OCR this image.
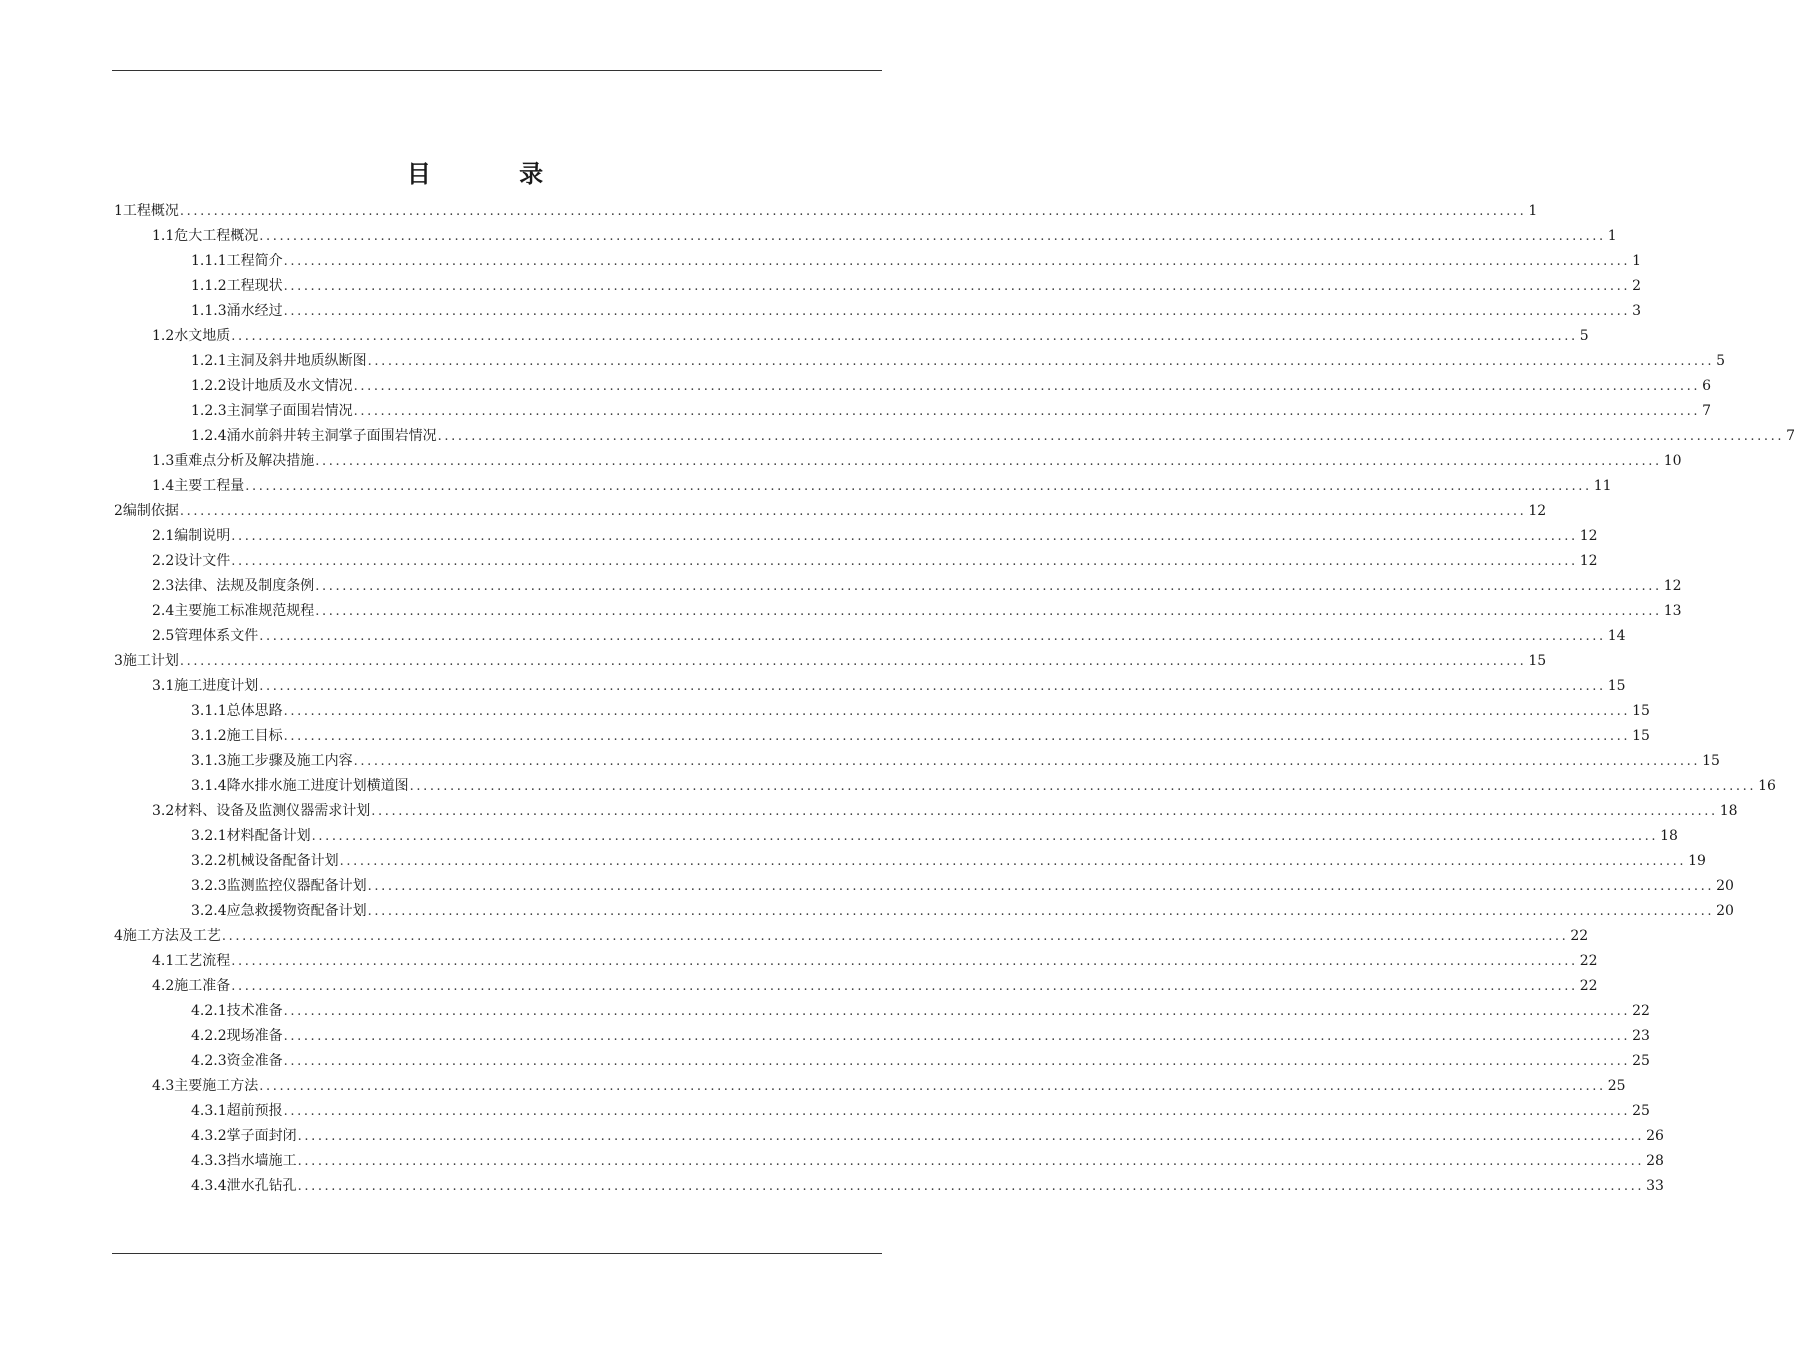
目 录
1 工程概况 ........................................................................................................................................................................................................ 1
1.1 危大工程概况 ........................................................................................................................................................................................................ 1
1.1.1 工程简介 ........................................................................................................................................................................................................ 1
1.1.2 工程现状 ........................................................................................................................................................................................................ 2
1.1.3 涌水经过 ........................................................................................................................................................................................................ 3
1.2 水文地质 ........................................................................................................................................................................................................ 5
1.2.1 主洞及斜井地质纵断图 ........................................................................................................................................................................................................ 5
1.2.2 设计地质及水文情况 ........................................................................................................................................................................................................ 6
1.2.3 主洞掌子面围岩情况 ........................................................................................................................................................................................................ 7
1.2.4 涌水前斜井转主洞掌子面围岩情况 ........................................................................................................................................................................................................ 7
1.3 重难点分析及解决措施 ........................................................................................................................................................................................................ 10
1.4 主要工程量 ........................................................................................................................................................................................................ 11
2 编制依据 ........................................................................................................................................................................................................ 12
2.1 编制说明 ........................................................................................................................................................................................................ 12
2.2 设计文件 ........................................................................................................................................................................................................ 12
2.3 法律、法规及制度条例 ........................................................................................................................................................................................................ 12
2.4 主要施工标准规范规程 ........................................................................................................................................................................................................ 13
2.5 管理体系文件 ........................................................................................................................................................................................................ 14
3 施工计划 ........................................................................................................................................................................................................ 15
3.1 施工进度计划 ........................................................................................................................................................................................................ 15
3.1.1 总体思路 ........................................................................................................................................................................................................ 15
3.1.2 施工目标 ........................................................................................................................................................................................................ 15
3.1.3 施工步骤及施工内容 ........................................................................................................................................................................................................ 15
3.1.4 降水排水施工进度计划横道图 ........................................................................................................................................................................................................ 16
3.2 材料、设备及监测仪器需求计划 ........................................................................................................................................................................................................ 18
3.2.1 材料配备计划 ........................................................................................................................................................................................................ 18
3.2.2 机械设备配备计划 ........................................................................................................................................................................................................ 19
3.2.3 监测监控仪器配备计划 ........................................................................................................................................................................................................ 20
3.2.4 应急救援物资配备计划 ........................................................................................................................................................................................................ 20
4 施工方法及工艺 ........................................................................................................................................................................................................ 22
4.1 工艺流程 ........................................................................................................................................................................................................ 22
4.2 施工准备 ........................................................................................................................................................................................................ 22
4.2.1 技术准备 ........................................................................................................................................................................................................ 22
4.2.2 现场准备 ........................................................................................................................................................................................................ 23
4.2.3 资金准备 ........................................................................................................................................................................................................ 25
4.3 主要施工方法 ........................................................................................................................................................................................................ 25
4.3.1 超前预报 ........................................................................................................................................................................................................ 25
4.3.2 掌子面封闭 ........................................................................................................................................................................................................ 26
4.3.3 挡水墙施工 ........................................................................................................................................................................................................ 28
4.3.4 泄水孔钻孔 ........................................................................................................................................................................................................ 33
